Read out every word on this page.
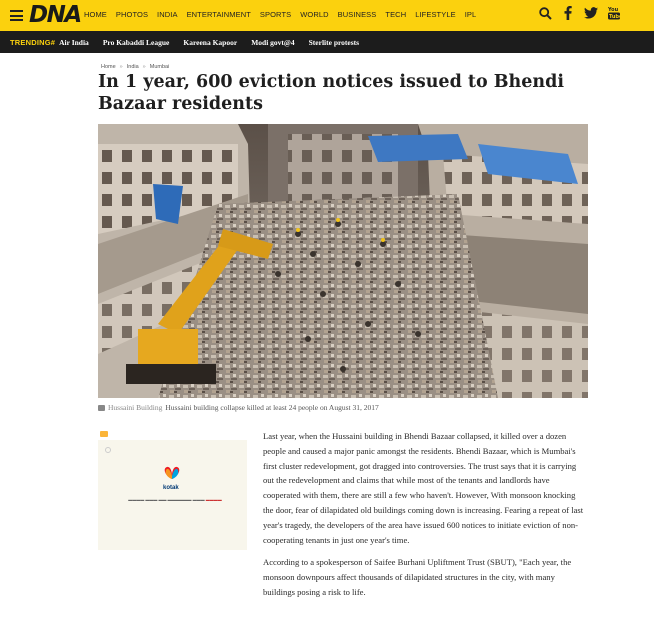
DNA HOME PHOTOS INDIA ENTERTAINMENT SPORTS WORLD BUSINESS TECH LIFESTYLE IPL	You
Tube
TRENDING# Air India Pro Kabaddi League Kareena Kapoor Modi govt@4 Sterlite protests
Home » India » Mumbai
In 1 year, 600 eviction notices issued to Bhendi Bazaar residents
Hussaini Building Hussaini building collapse killed at least 24 people on August 31, 2017
kotak
▬▬▬▬ ▬▬▬ ▬▬ ▬▬▬▬▬▬ ▬▬▬ ▬▬▬▬

Last year, when the Hussaini building in Bhendi Bazaar collapsed, it killed over a dozen people and caused a major panic amongst the residents. Bhendi Bazaar, which is Mumbai's first cluster redevelopment, got dragged into controversies. The trust says that it is carrying out the redevelopment and claims that while most of the tenants and landlords have cooperated with them, there are still a few who haven't. However, With monsoon knocking the door, fear of dilapidated old buildings coming down is increasing. Fearing a repeat of last year's tragedy, the developers of the area have issued 600 notices to initiate eviction of non-cooperating tenants in just one year's time.

According to a spokesperson of Saifee Burhani Upliftment Trust (SBUT), "Each year, the monsoon downpours affect thousands of dilapidated structures in the city, with many buildings posing a risk to life.
